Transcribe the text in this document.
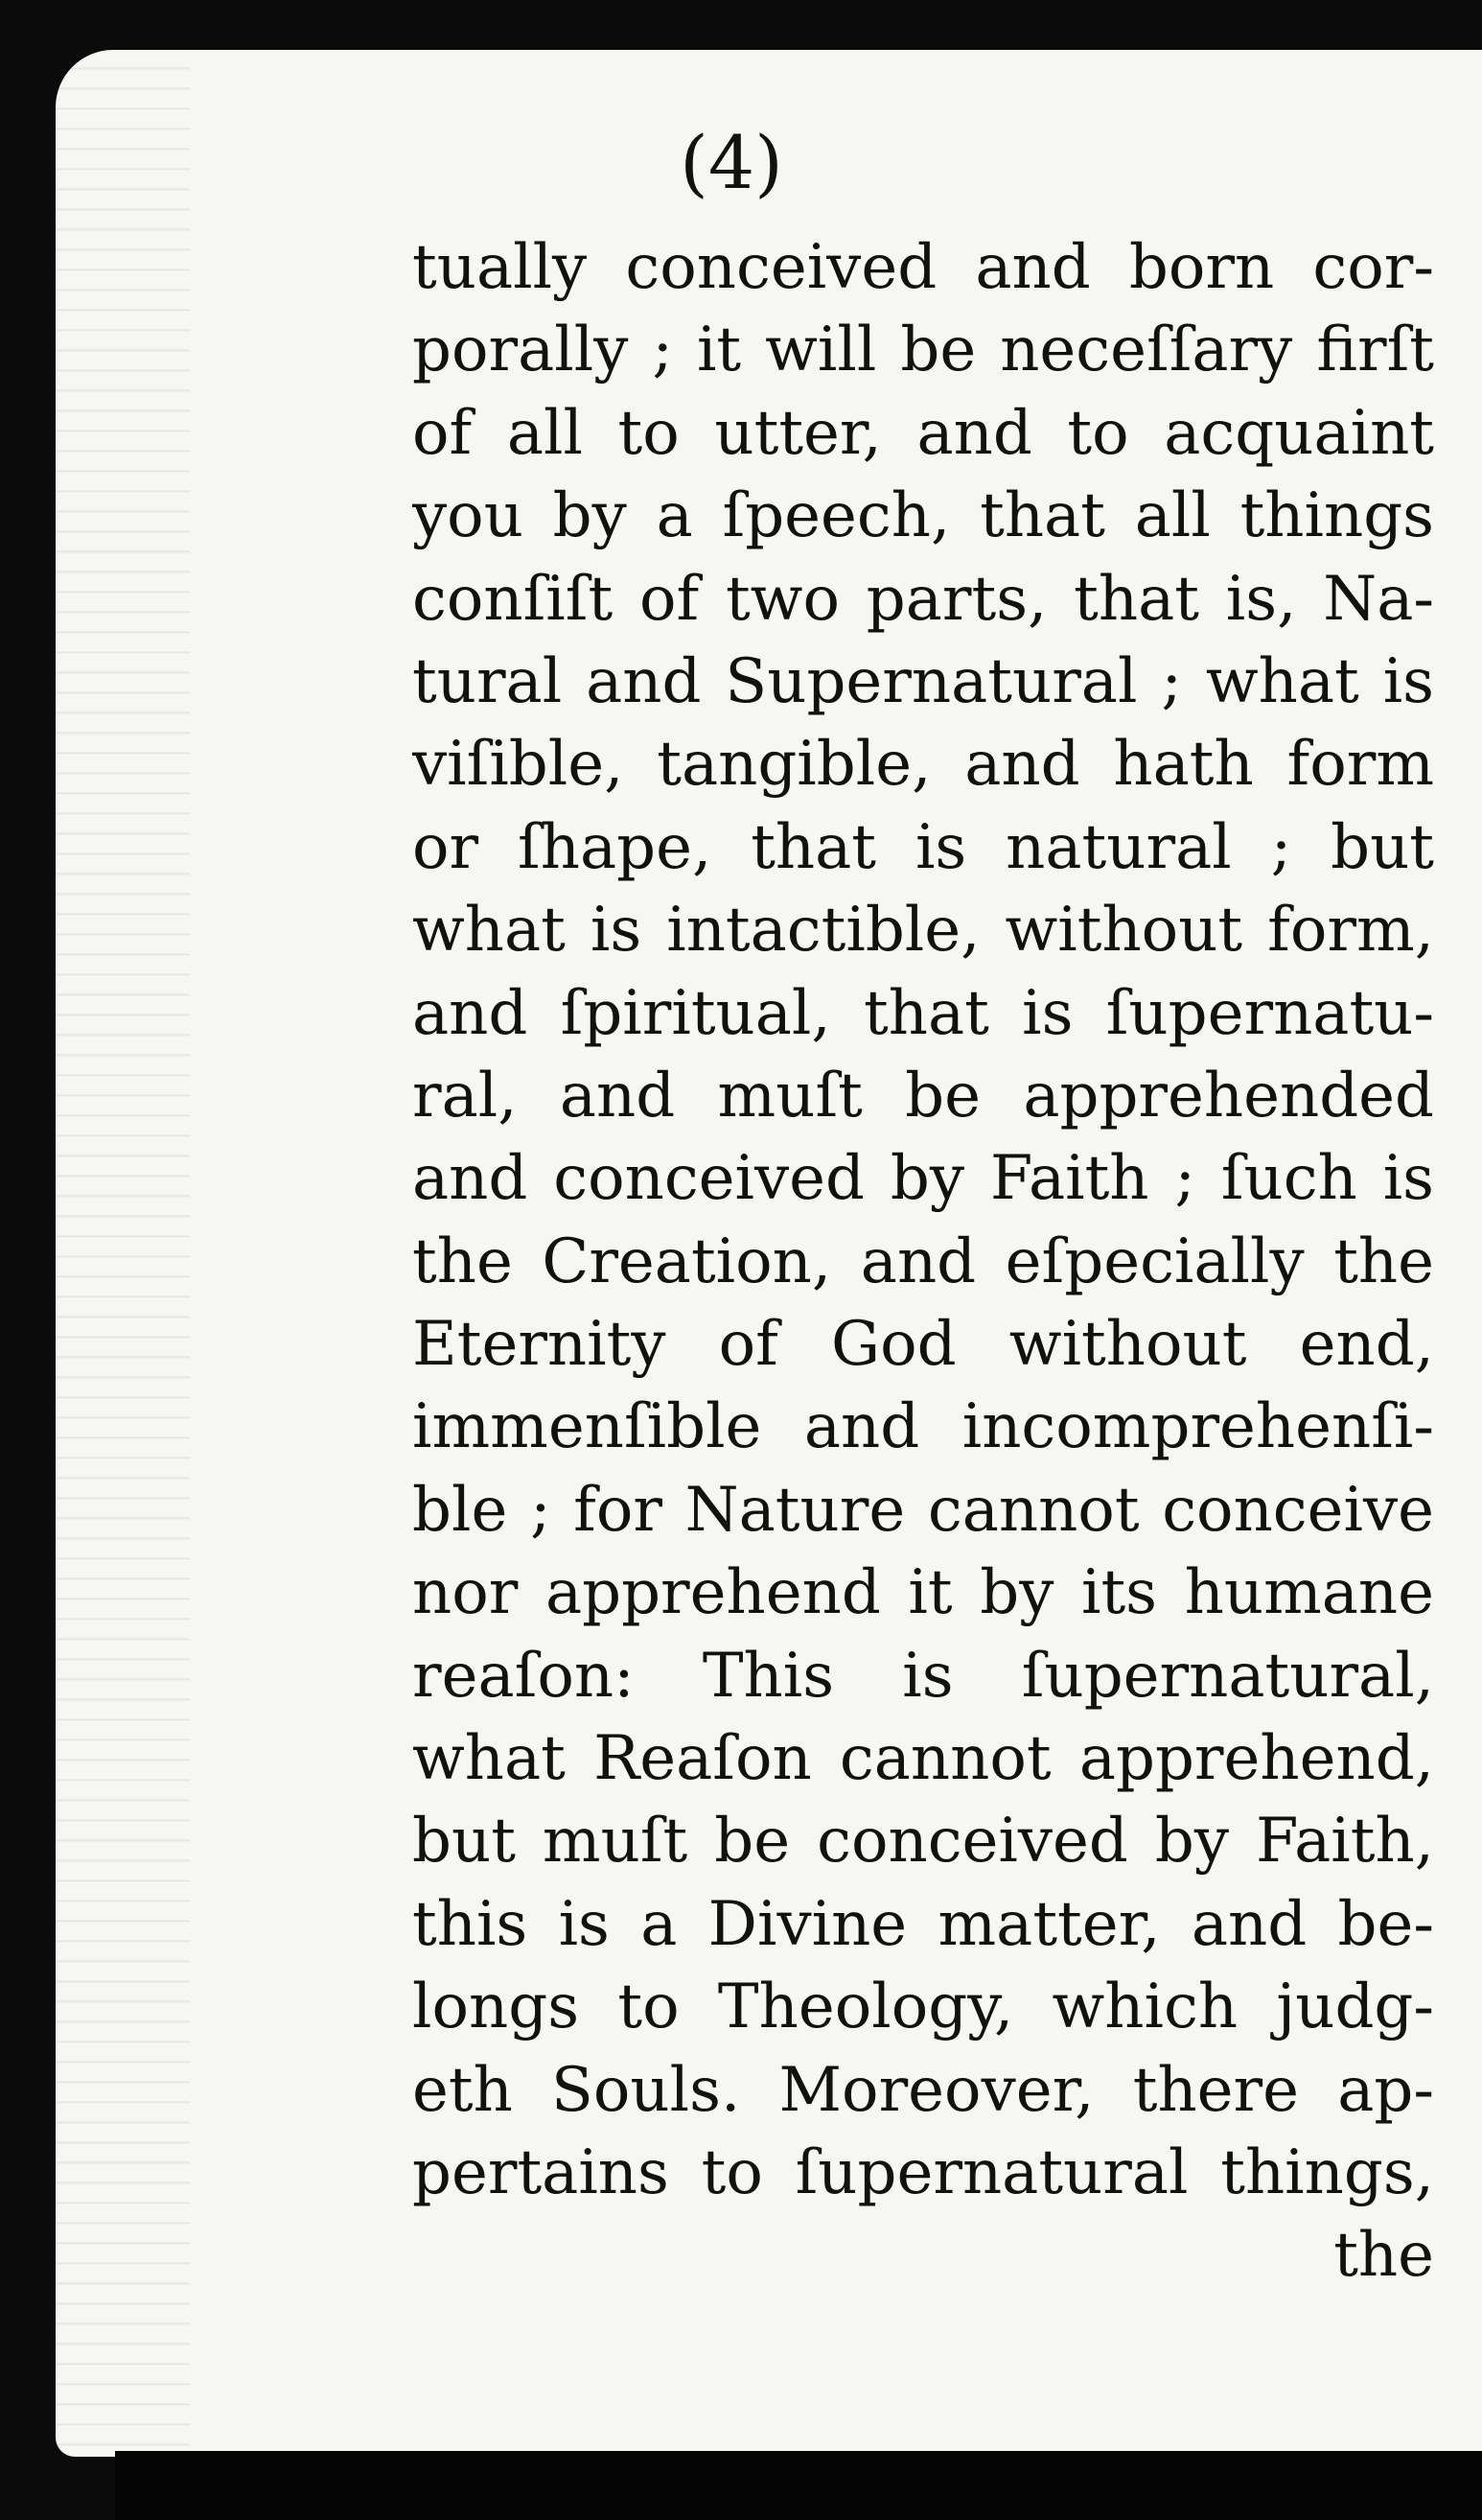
(4)
tually conceived and born cor-
porally ; it will be neceſſary firſt
of all to utter, and to acquaint
you by a ſpeech, that all things
conſiſt of two parts, that is, Na-
tural and Supernatural ; what is
viſible, tangible, and hath form
or ſhape, that is natural ; but
what is intactible, without form,
and ſpiritual, that is ſupernatu-
ral, and muſt be apprehended
and conceived by Faith ; ſuch is
the Creation, and eſpecially the
Eternity of God without end,
immenſible and incomprehenſi-
ble ; for Nature cannot conceive
nor apprehend it by its humane
reaſon: This is ſupernatural,
what Reaſon cannot apprehend,
but muſt be conceived by Faith,
this is a Divine matter, and be-
longs to Theology, which judg-
eth Souls. Moreover, there ap-
pertains to ſupernatural things,
the
